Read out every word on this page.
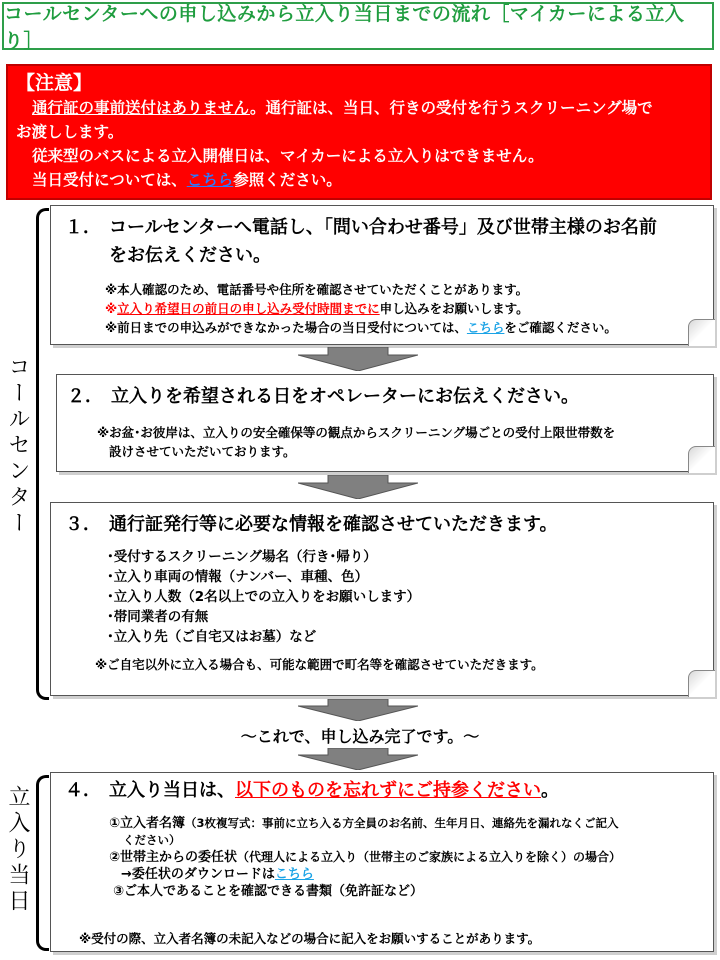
コールセンターへの申し込みから立入り当日までの流れ［マイカーによる立入り］
【注意】
通行証の事前送付はありません。通行証は、当日、行きの受付を行うスクリーニング場で
お渡しします。
従来型のバスによる立入開催日は、マイカーによる立入りはできません。
当日受付については、こちら参照ください。
コールセンター
立入り当日
１． コールセンターへ電話し、「問い合わせ番号」及び世帯主様のお名前
をお伝えください。
※本人確認のため、電話番号や住所を確認させていただくことがあります。
※立入り希望日の前日の申し込み受付時間までに申し込みをお願いします。
※前日までの申込みができなかった場合の当日受付については、こちらをご確認ください。
２． 立入りを希望される日をオペレーターにお伝えください。
※お盆･お彼岸は、立入りの安全確保等の観点からスクリーニング場ごとの受付上限世帯数を
設けさせていただいております。
３． 通行証発行等に必要な情報を確認させていただきます。
･受付するスクリーニング場名（行き･帰り）
･立入り車両の情報（ナンバー、車種、色）
･立入り人数（2名以上での立入りをお願いします）
･帯同業者の有無
･立入り先（ご自宅又はお墓）など
※ご自宅以外に立入る場合も、可能な範囲で町名等を確認させていただきます。
〜これで、申し込み完了です。〜
４． 立入り当日は、以下のものを忘れずにご持参ください。
①立入者名簿（3枚複写式：事前に立ち入る方全員のお名前、生年月日、連絡先を漏れなくご記入
ください）
②世帯主からの委任状（代理人による立入り（世帯主のご家族による立入りを除く）の場合）
→委任状のダウンロードはこちら
③ご本人であることを確認できる書類（免許証など）
※受付の際、立入者名簿の未記入などの場合に記入をお願いすることがあります。
